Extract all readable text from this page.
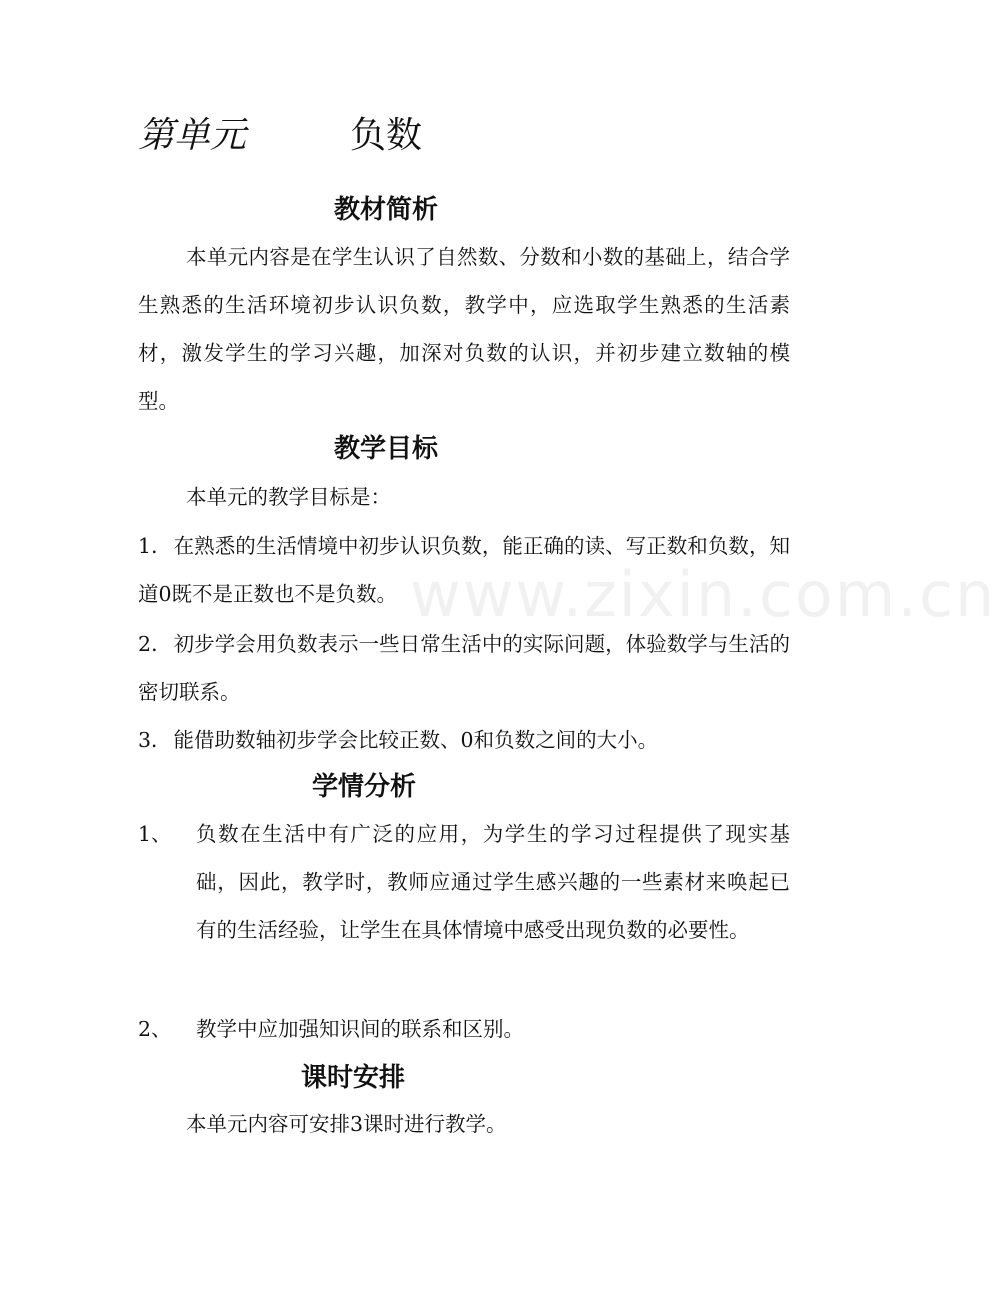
第单元	负数
教材简析
本单元内容是在学生认识了自然数、分数和小数的基础上，结合学生熟悉的生活环境初步认识负数，教学中，应选取学生熟悉的生活素材，激发学生的学习兴趣，加深对负数的认识，并初步建立数轴的模型。
教学目标
本单元的教学目标是：
1．在熟悉的生活情境中初步认识负数，能正确的读、写正数和负数，知道0既不是正数也不是负数。
2．初步学会用负数表示一些日常生活中的实际问题，体验数学与生活的密切联系。
3．能借助数轴初步学会比较正数、0和负数之间的大小。
学情分析
1、 负数在生活中有广泛的应用，为学生的学习过程提供了现实基础，因此，教学时，教师应通过学生感兴趣的一些素材来唤起已有的生活经验，让学生在具体情境中感受出现负数的必要性。
2、 教学中应加强知识间的联系和区别。
课时安排
本单元内容可安排3课时进行教学。
www.zixin.com.cn
